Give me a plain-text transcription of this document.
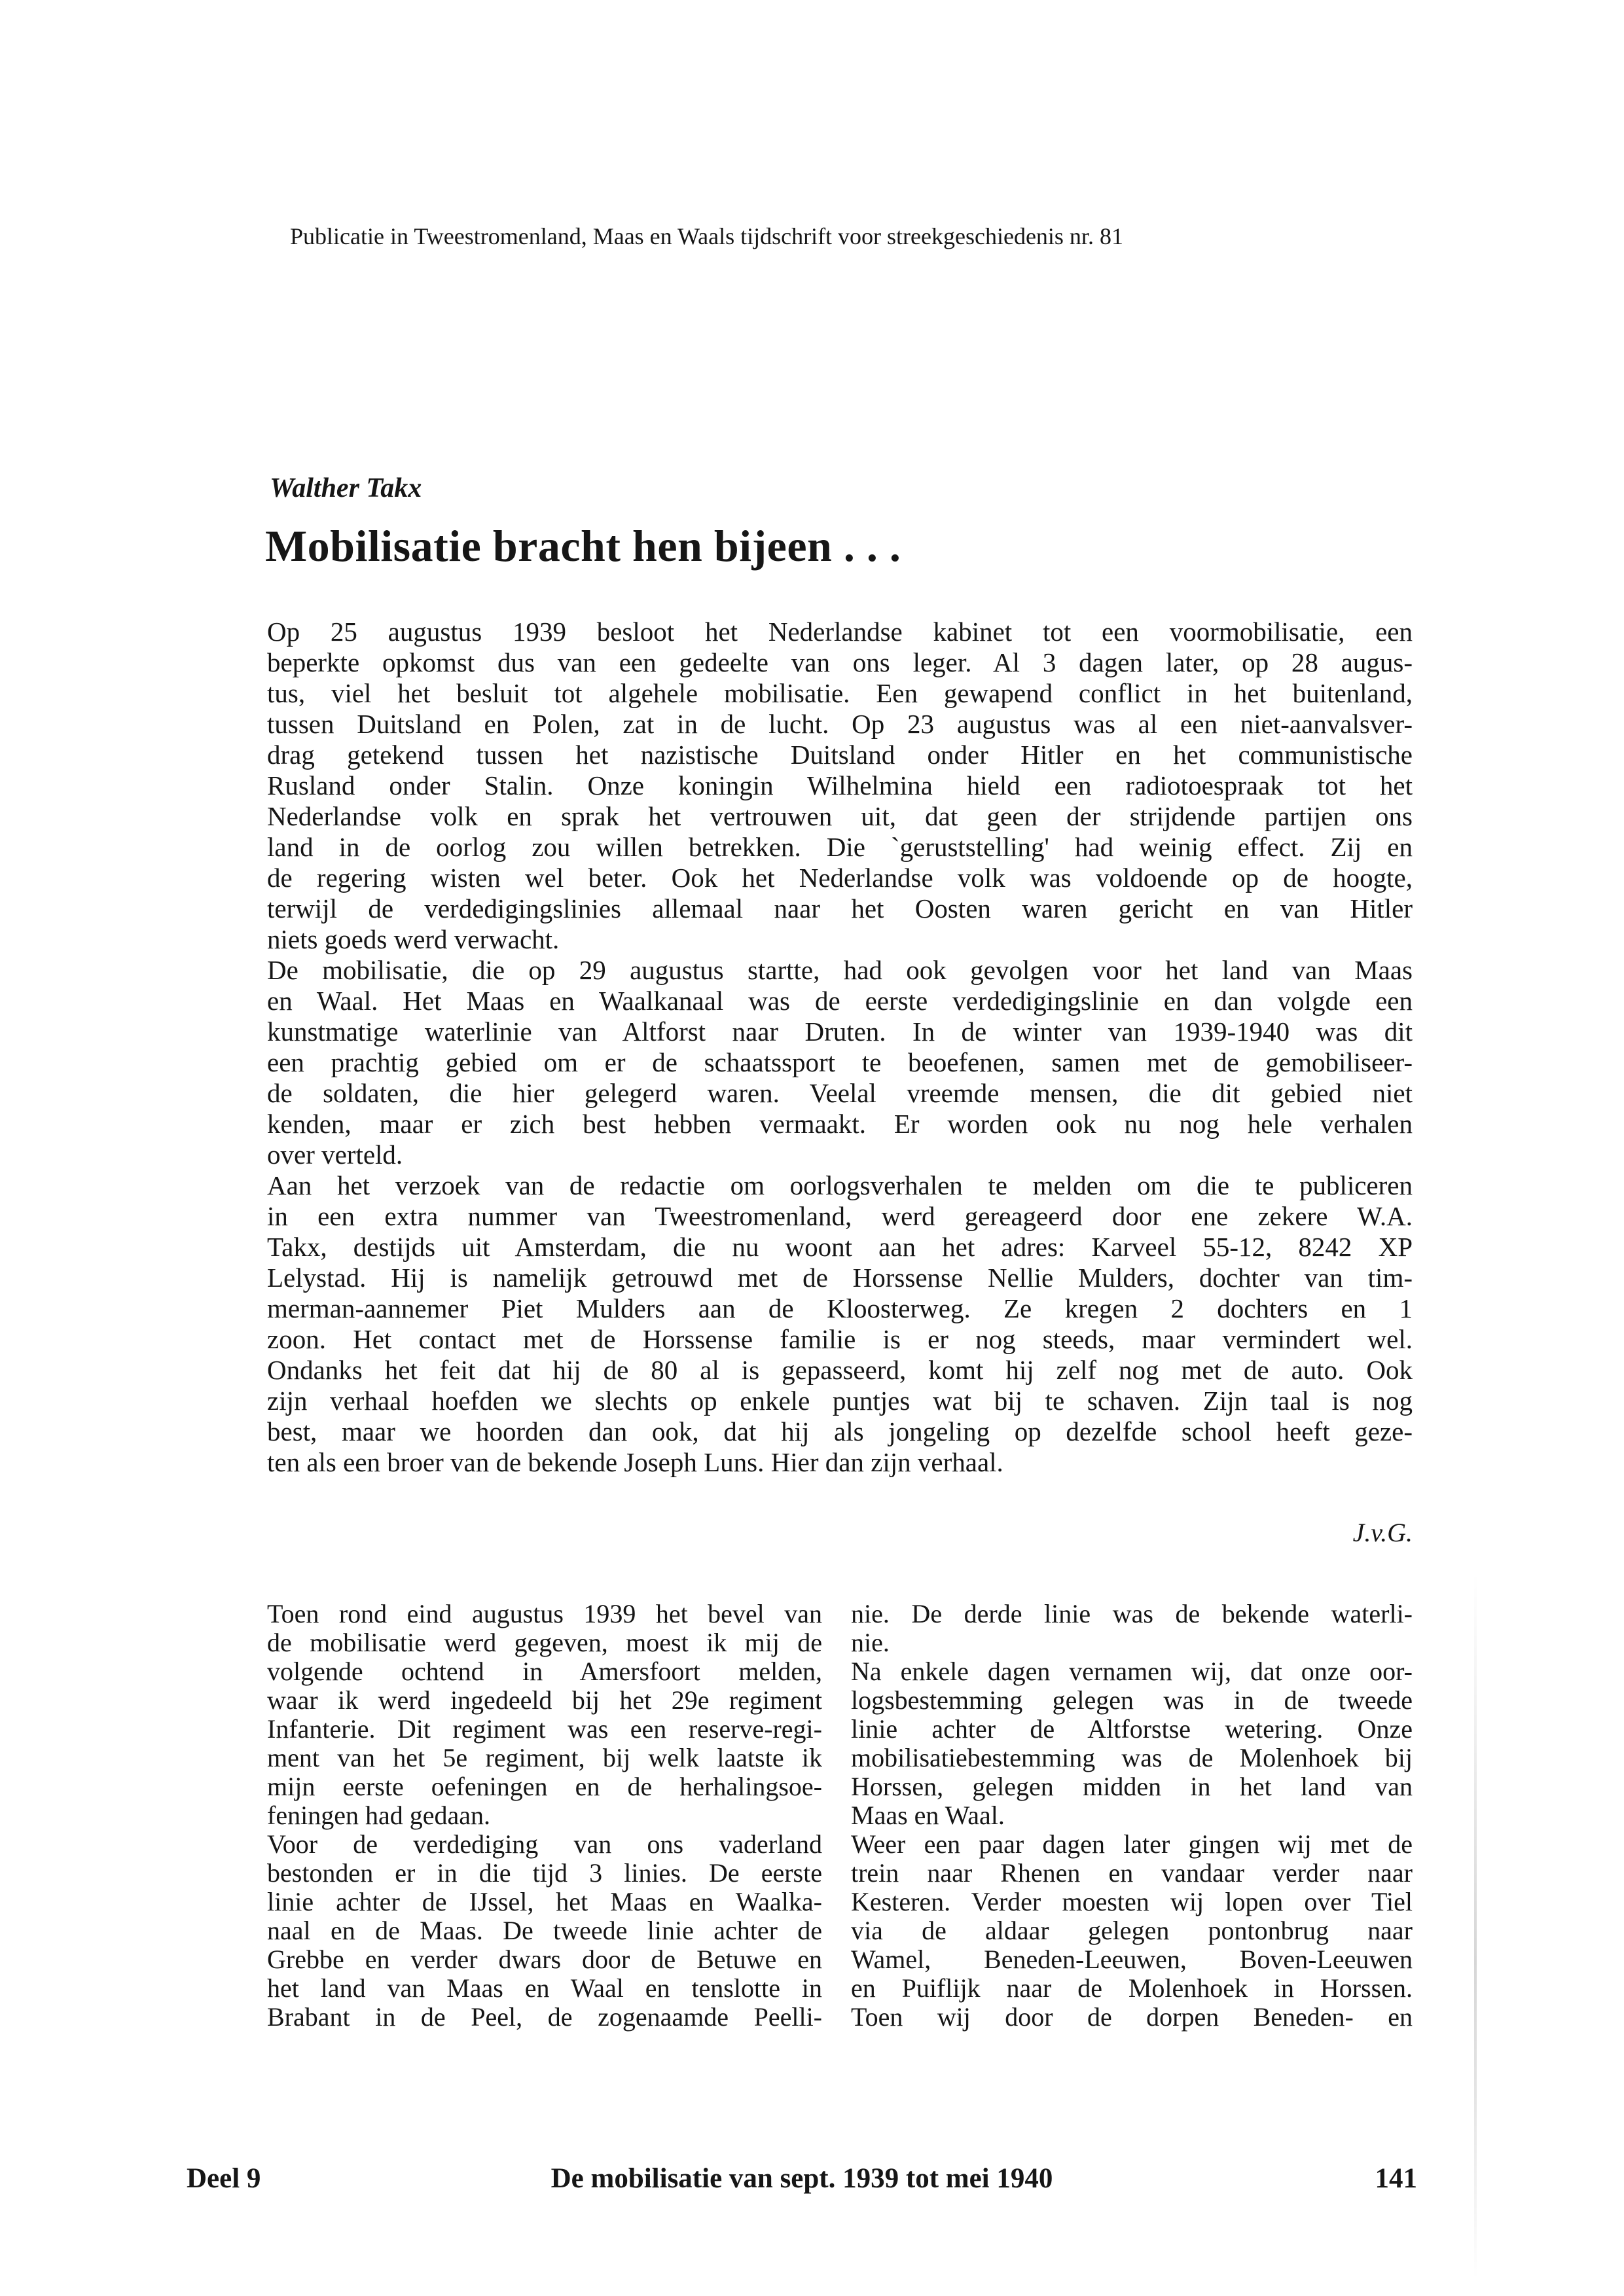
Publicatie in Tweestromenland, Maas en Waals tijdschrift voor streekgeschiedenis nr. 81
Walther Takx
Mobilisatie bracht hen bijeen . . .
Op 25 augustus 1939 besloot het Nederlandse kabinet tot een voormobilisatie, een
beperkte opkomst dus van een gedeelte van ons leger. Al 3 dagen later, op 28 augus-
tus, viel het besluit tot algehele mobilisatie. Een gewapend conflict in het buitenland,
tussen Duitsland en Polen, zat in de lucht. Op 23 augustus was al een niet-aanvalsver-
drag getekend tussen het nazistische Duitsland onder Hitler en het communistische
Rusland onder Stalin. Onze koningin Wilhelmina hield een radiotoespraak tot het
Nederlandse volk en sprak het vertrouwen uit, dat geen der strijdende partijen ons
land in de oorlog zou willen betrekken. Die `geruststelling' had weinig effect. Zij en
de regering wisten wel beter. Ook het Nederlandse volk was voldoende op de hoogte,
terwijl de verdedigingslinies allemaal naar het Oosten waren gericht en van Hitler
niets goeds werd verwacht.
De mobilisatie, die op 29 augustus startte, had ook gevolgen voor het land van Maas
en Waal. Het Maas en Waalkanaal was de eerste verdedigingslinie en dan volgde een
kunstmatige waterlinie van Altforst naar Druten. In de winter van 1939-1940 was dit
een prachtig gebied om er de schaatssport te beoefenen, samen met de gemobiliseer-
de soldaten, die hier gelegerd waren. Veelal vreemde mensen, die dit gebied niet
kenden, maar er zich best hebben vermaakt. Er worden ook nu nog hele verhalen
over verteld.
Aan het verzoek van de redactie om oorlogsverhalen te melden om die te publiceren
in een extra nummer van Tweestromenland, werd gereageerd door ene zekere W.A.
Takx, destijds uit Amsterdam, die nu woont aan het adres: Karveel 55-12, 8242 XP
Lelystad. Hij is namelijk getrouwd met de Horssense Nellie Mulders, dochter van tim-
merman-aannemer Piet Mulders aan de Kloosterweg. Ze kregen 2 dochters en 1
zoon. Het contact met de Horssense familie is er nog steeds, maar vermindert wel.
Ondanks het feit dat hij de 80 al is gepasseerd, komt hij zelf nog met de auto. Ook
zijn verhaal hoefden we slechts op enkele puntjes wat bij te schaven. Zijn taal is nog
best, maar we hoorden dan ook, dat hij als jongeling op dezelfde school heeft geze-
ten als een broer van de bekende Joseph Luns. Hier dan zijn verhaal.
J.v.G.
Toen rond eind augustus 1939 het bevel van
de mobilisatie werd gegeven, moest ik mij de
volgende ochtend in Amersfoort melden,
waar ik werd ingedeeld bij het 29e regiment
Infanterie. Dit regiment was een reserve-regi-
ment van het 5e regiment, bij welk laatste ik
mijn eerste oefeningen en de herhalingsoe-
feningen had gedaan.
Voor de verdediging van ons vaderland
bestonden er in die tijd 3 linies. De eerste
linie achter de IJssel, het Maas en Waalka-
naal en de Maas. De tweede linie achter de
Grebbe en verder dwars door de Betuwe en
het land van Maas en Waal en tenslotte in
Brabant in de Peel, de zogenaamde Peelli-
nie. De derde linie was de bekende waterli-
nie.
Na enkele dagen vernamen wij, dat onze oor-
logsbestemming gelegen was in de tweede
linie achter de Altforstse wetering. Onze
mobilisatiebestemming was de Molenhoek bij
Horssen, gelegen midden in het land van
Maas en Waal.
Weer een paar dagen later gingen wij met de
trein naar Rhenen en vandaar verder naar
Kesteren. Verder moesten wij lopen over Tiel
via de aldaar gelegen pontonbrug naar
Wamel, Beneden-Leeuwen, Boven-Leeuwen
en Puiflijk naar de Molenhoek in Horssen.
Toen wij door de dorpen Beneden- en
Deel 9	De mobilisatie van sept. 1939 tot mei 1940	141
